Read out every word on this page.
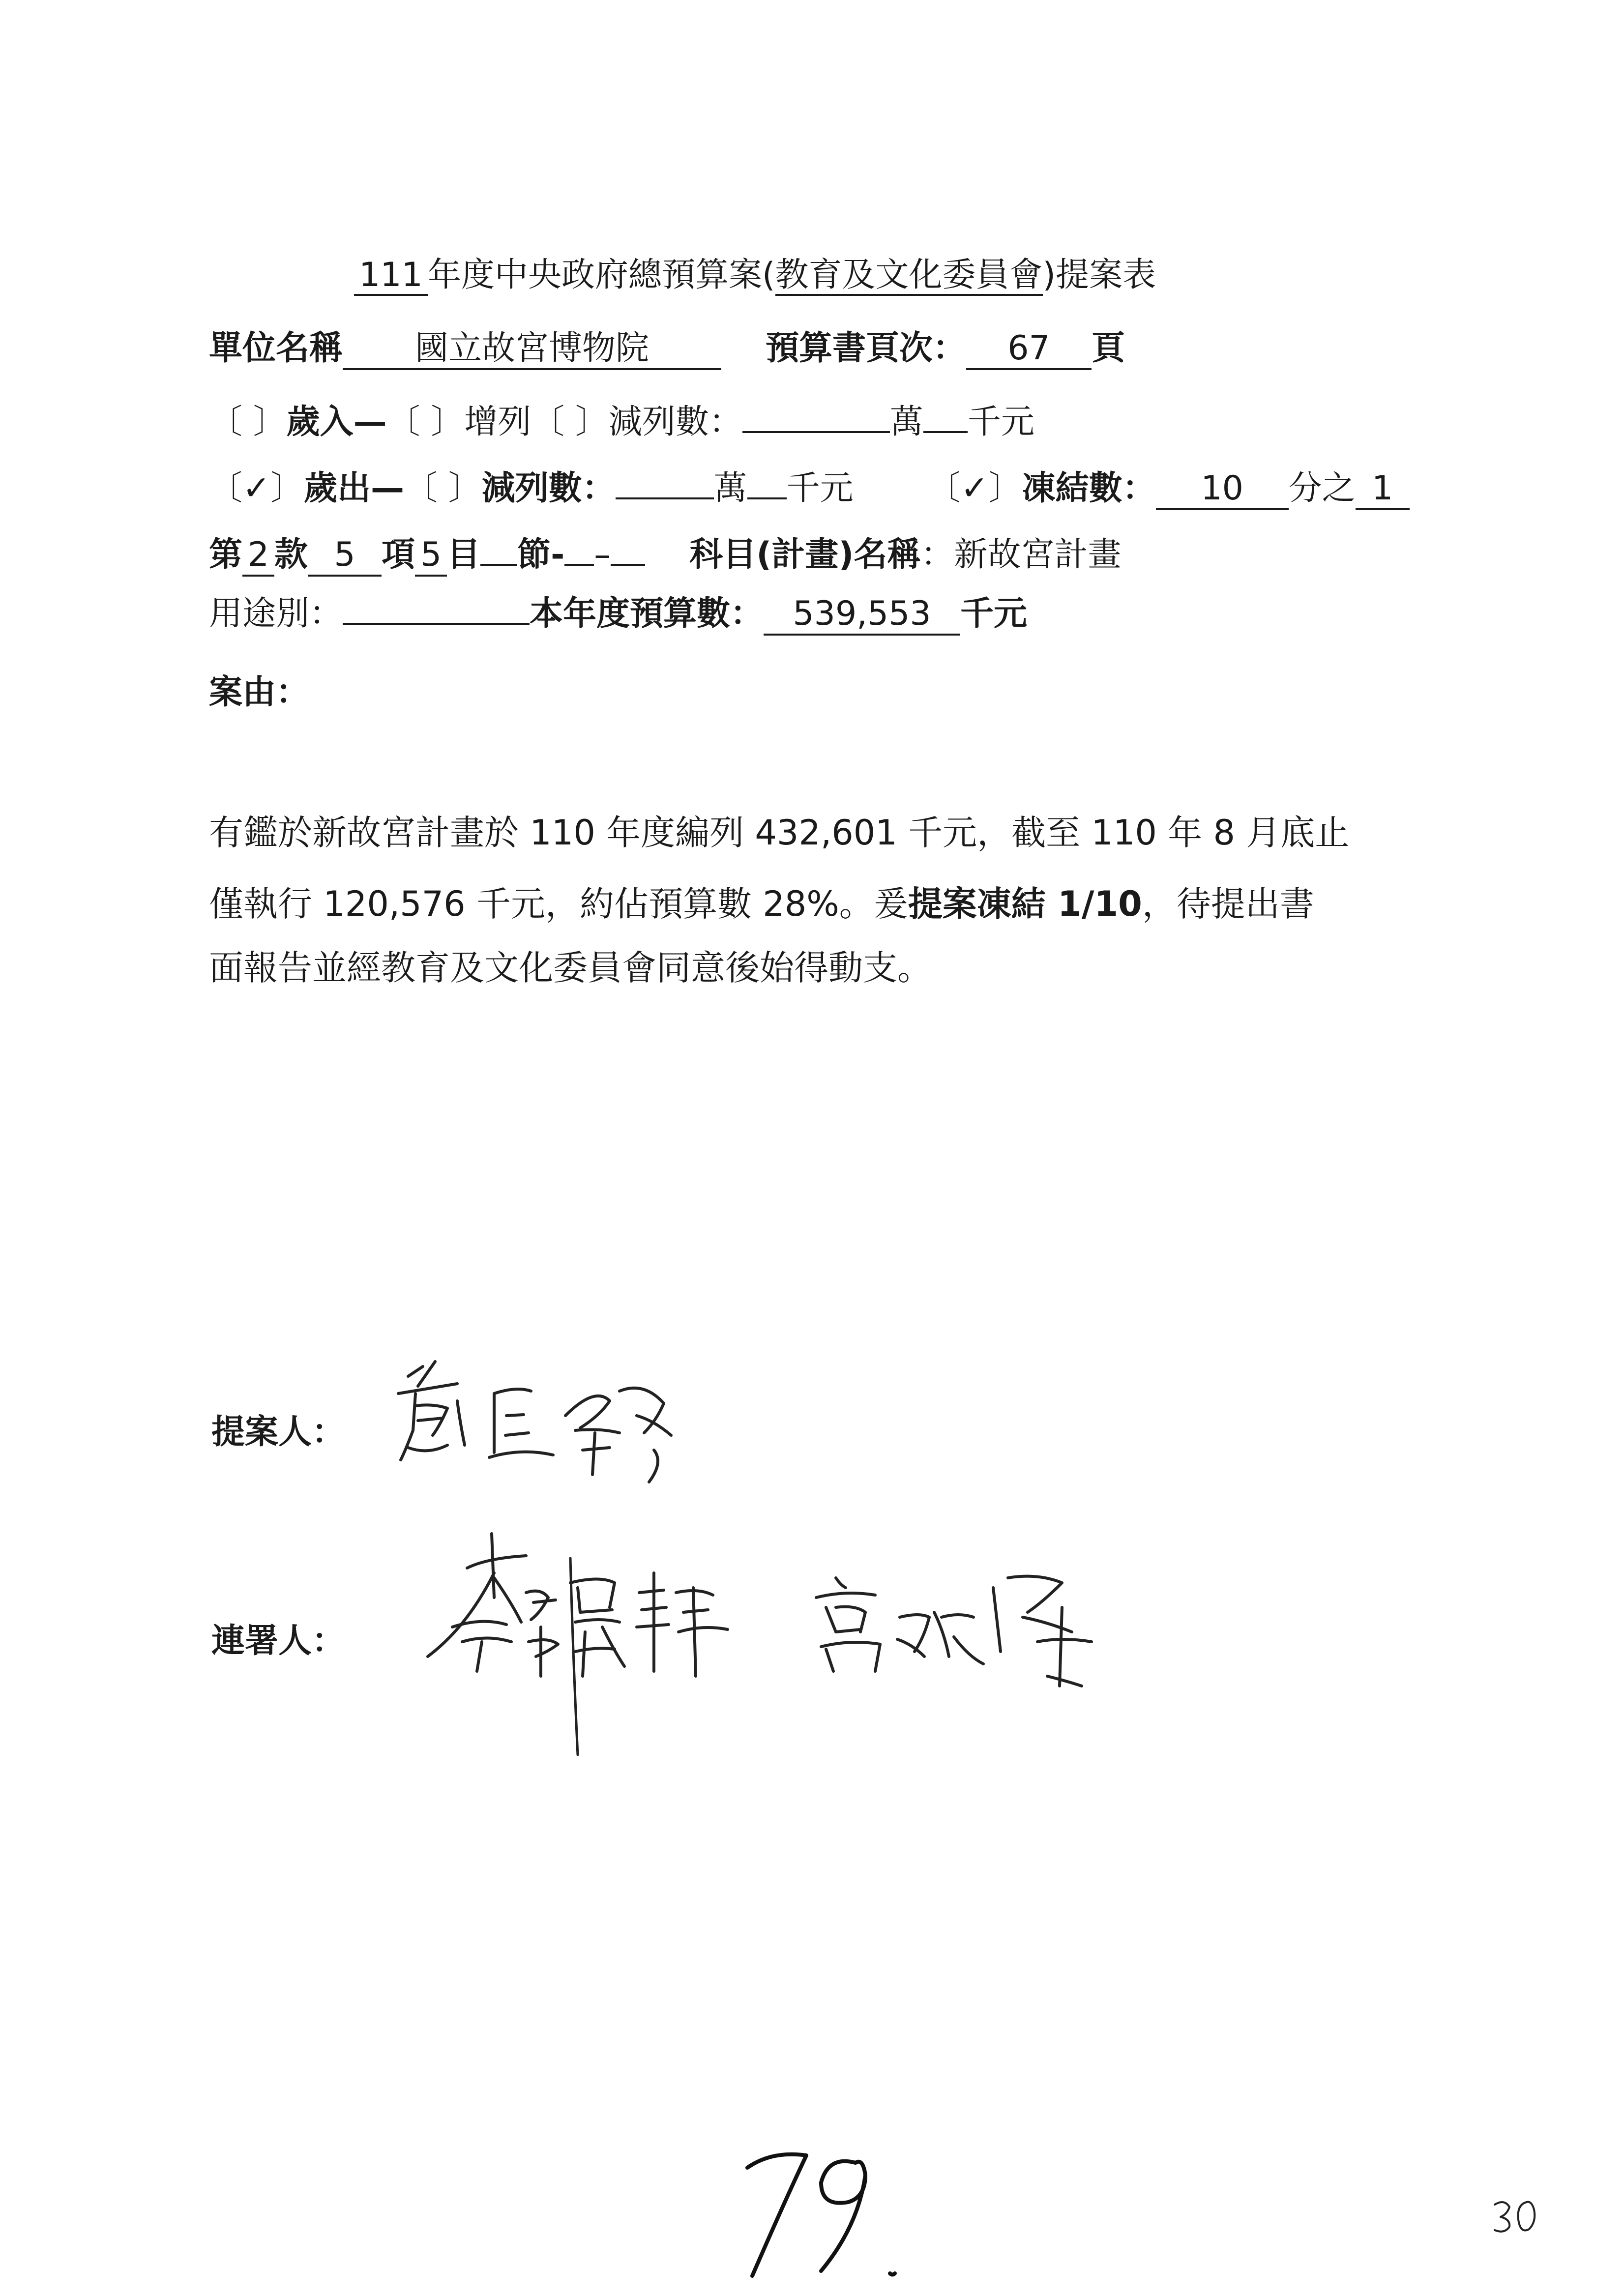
111 年度中央政府總預算案(教育及文化委員會)提案表
單位名稱 國立故宮博物院	預算書頁次： 67 頁
〔 〕歲入—〔 〕增列〔 〕減列數：	萬 千元
〔✓〕歲出—〔 〕減列數：	萬 千元 〔✓〕凍結數： 10 分之 1
第 2 款 5 項 5 目 節- – 科目(計畫)名稱：新故宮計畫
用途別：	本年度預算數： 539,553 千元
案由：
有鑑於新故宮計畫於 110 年度編列 432,601 千元，截至 110 年 8 月底止
僅執行 120,576 千元，約佔預算數 28%。爰提案凍結 1/10，待提出書
面報告並經教育及文化委員會同意後始得動支。
提案人：
連署人：
